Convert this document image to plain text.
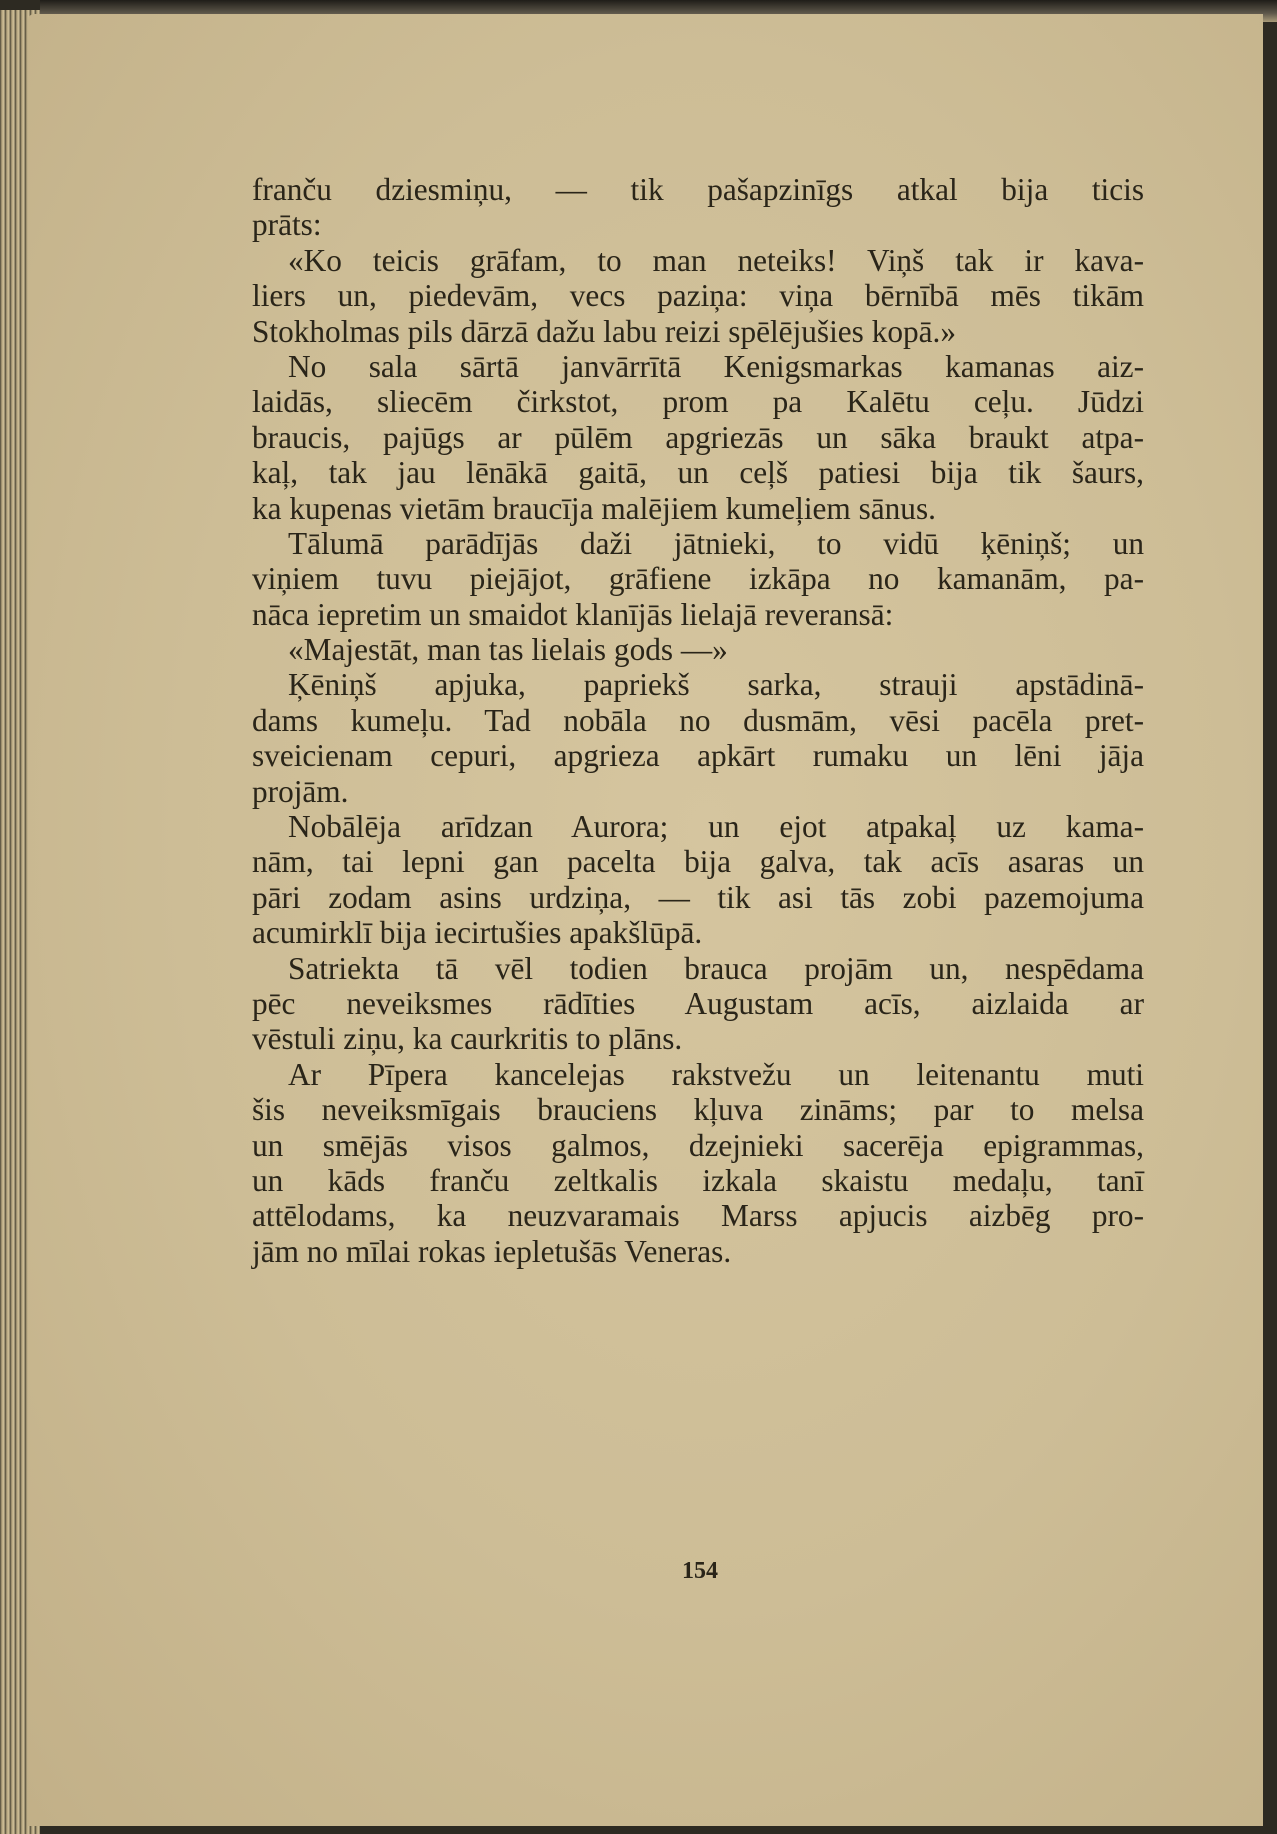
franču dziesmiņu, — tik pašapzinīgs atkal bija ticis
prāts:
«Ko teicis grāfam, to man neteiks! Viņš tak ir kava-
liers un, piedevām, vecs paziņa: viņa bērnībā mēs tikām
Stokholmas pils dārzā dažu labu reizi spēlējušies kopā.»
No sala sārtā janvārrītā Kenigsmarkas kamanas aiz-
laidās, sliecēm čirkstot, prom pa Kalētu ceļu. Jūdzi
braucis, pajūgs ar pūlēm apgriezās un sāka braukt atpa-
kaļ, tak jau lēnākā gaitā, un ceļš patiesi bija tik šaurs,
ka kupenas vietām braucīja malējiem kumeļiem sānus.
Tālumā parādījās daži jātnieki, to vidū ķēniņš; un
viņiem tuvu piejājot, grāfiene izkāpa no kamanām, pa-
nāca iepretim un smaidot klanījās lielajā reveransā:
«Majestāt, man tas lielais gods —»
Ķēniņš apjuka, papriekš sarka, strauji apstādinā-
dams kumeļu. Tad nobāla no dusmām, vēsi pacēla pret-
sveicienam cepuri, apgrieza apkārt rumaku un lēni jāja
projām.
Nobālēja arīdzan Aurora; un ejot atpakaļ uz kama-
nām, tai lepni gan pacelta bija galva, tak acīs asaras un
pāri zodam asins urdziņa, — tik asi tās zobi pazemojuma
acumirklī bija iecirtušies apakšlūpā.
Satriekta tā vēl todien brauca projām un, nespēdama
pēc neveiksmes rādīties Augustam acīs, aizlaida ar
vēstuli ziņu, ka caurkritis to plāns.
Ar Pīpera kancelejas rakstvežu un leitenantu muti
šis neveiksmīgais brauciens kļuva zināms; par to melsa
un smējās visos galmos, dzejnieki sacerēja epigrammas,
un kāds franču zeltkalis izkala skaistu medaļu, tanī
attēlodams, ka neuzvaramais Marss apjucis aizbēg pro-
jām no mīlai rokas iepletušās Veneras.
154
